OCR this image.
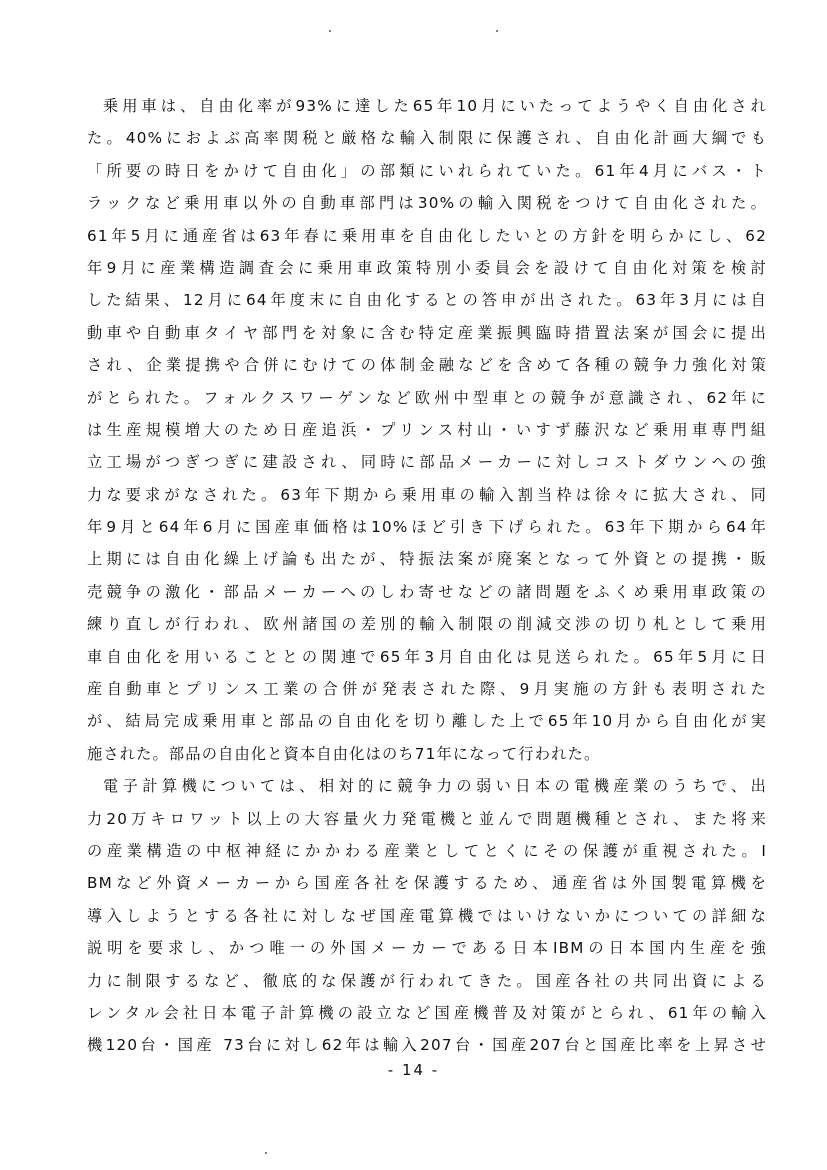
乗用車は、自由化率が93%に達した65年10月にいたってようやく自由化され
た。40%におよぶ高率関税と厳格な輸入制限に保護され、自由化計画大綱でも
「所要の時日をかけて自由化」の部類にいれられていた。61年4月にバス・ト
ラックなど乗用車以外の自動車部門は30%の輸入関税をつけて自由化された。
61年5月に通産省は63年春に乗用車を自由化したいとの方針を明らかにし、62
年9月に産業構造調査会に乗用車政策特別小委員会を設けて自由化対策を検討
した結果、12月に64年度末に自由化するとの答申が出された。63年3月には自
動車や自動車タイヤ部門を対象に含む特定産業振興臨時措置法案が国会に提出
され、企業提携や合併にむけての体制金融などを含めて各種の競争力強化対策
がとられた。フォルクスワーゲンなど欧州中型車との競争が意識され、62年に
は生産規模増大のため日産追浜・プリンス村山・いすず藤沢など乗用車専門組
立工場がつぎつぎに建設され、同時に部品メーカーに対しコストダウンへの強
力な要求がなされた。63年下期から乗用車の輸入割当枠は徐々に拡大され、同
年9月と64年6月に国産車価格は10%ほど引き下げられた。63年下期から64年
上期には自由化繰上げ論も出たが、特振法案が廃案となって外資との提携・販
売競争の激化・部品メーカーへのしわ寄せなどの諸問題をふくめ乗用車政策の
練り直しが行われ、欧州諸国の差別的輸入制限の削減交渉の切り札として乗用
車自由化を用いることとの関連で65年3月自由化は見送られた。65年5月に日
産自動車とプリンス工業の合併が発表された際、9月実施の方針も表明された
が、結局完成乗用車と部品の自由化を切り離した上で65年10月から自由化が実
施された。部品の自由化と資本自由化はのち71年になって行われた。
電子計算機については、相対的に競争力の弱い日本の電機産業のうちで、出
力20万キロワット以上の大容量火力発電機と並んで問題機種とされ、また将来
の産業構造の中枢神経にかかわる産業としてとくにその保護が重視された。I
BMなど外資メーカーから国産各社を保護するため、通産省は外国製電算機を
導入しようとする各社に対しなぜ国産電算機ではいけないかについての詳細な
説明を要求し、かつ唯一の外国メーカーである日本IBMの日本国内生産を強
力に制限するなど、徹底的な保護が行われてきた。国産各社の共同出資による
レンタル会社日本電子計算機の設立など国産機普及対策がとられ、61年の輸入
機120台・国産 73台に対し62年は輸入207台・国産207台と国産比率を上昇させ
- 14 -
